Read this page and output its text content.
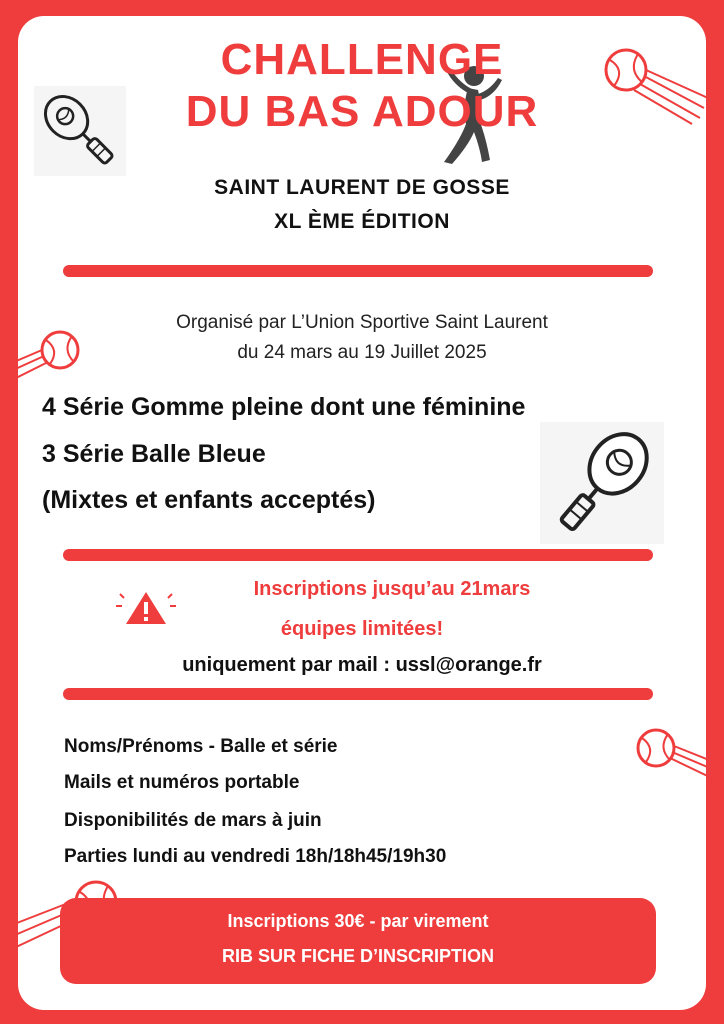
CHALLENGE
DU BAS ADOUR
SAINT LAURENT DE GOSSE
XL ÈME ÉDITION
Organisé par L’Union Sportive Saint Laurent
du 24 mars au 19 Juillet 2025
4 Série Gomme pleine dont une féminine
3 Série Balle Bleue
(Mixtes et enfants acceptés)
Inscriptions jusqu’au 21mars
équipes limitées!
uniquement par mail : ussl@orange.fr
Noms/Prénoms - Balle et série
Mails et numéros portable
Disponibilités de mars à juin
Parties lundi au vendredi 18h/18h45/19h30
Inscriptions 30€ - par virement
RIB SUR FICHE D’INSCRIPTION
